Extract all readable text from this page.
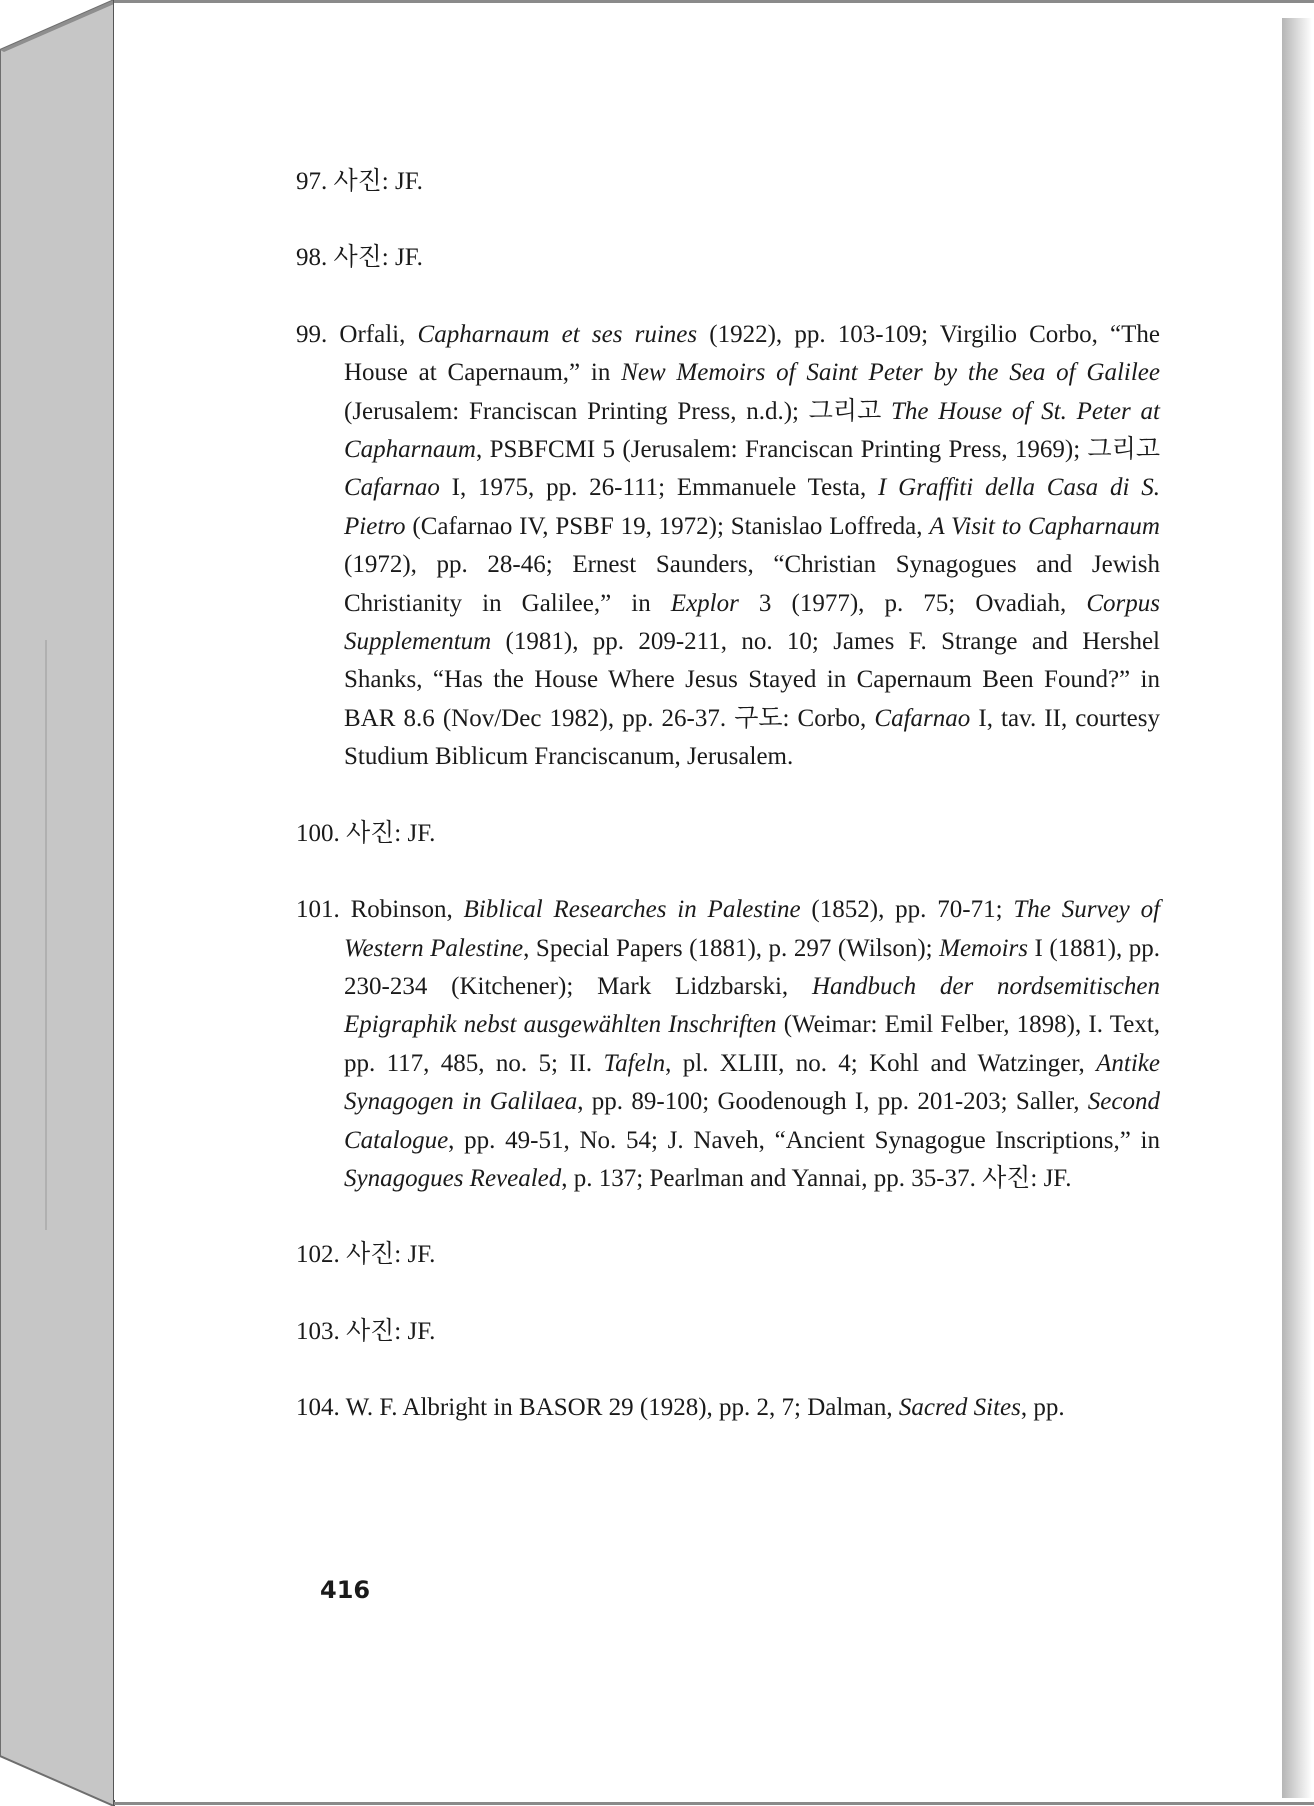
97. 사진: JF.

98. 사진: JF.

99. Orfali, Capharnaum et ses ruines (1922), pp. 103-109; Virgilio Corbo, “The House at Capernaum,” in New Memoirs of Saint Peter by the Sea of Galilee (Jerusalem: Franciscan Printing Press, n.d.); 그리고 The House of St. Peter at Capharnaum, PSBFCMI 5 (Jerusalem: Franciscan Printing Press, 1969); 그리고 Cafarnao I, 1975, pp. 26-111; Emmanuele Testa, I Graffiti della Casa di S. Pietro (Cafarnao IV, PSBF 19, 1972); Stanislao Loffreda, A Visit to Capharnaum (1972), pp. 28-46; Ernest Saunders, “Christian Synagogues and Jewish Christianity in Galilee,” in Explor 3 (1977), p. 75; Ovadiah, Corpus Supplementum (1981), pp. 209-211, no. 10; James F. Strange and Hershel Shanks, “Has the House Where Jesus Stayed in Capernaum Been Found?” in BAR 8.6 (Nov/Dec 1982), pp. 26-37. 구도: Corbo, Cafarnao I, tav. II, courtesy Studium Biblicum Franciscanum, Jerusalem.

100. 사진: JF.

101. Robinson, Biblical Researches in Palestine (1852), pp. 70-71; The Survey of Western Palestine, Special Papers (1881), p. 297 (Wilson); Memoirs I (1881), pp. 230-234 (Kitchener); Mark Lidzbarski, Handbuch der nordsemitischen Epigraphik nebst ausgewählten Inschriften (Weimar: Emil Felber, 1898), I. Text, pp. 117, 485, no. 5; II. Tafeln, pl. XLIII, no. 4; Kohl and Watzinger, Antike Synagogen in Galilaea, pp. 89-100; Goodenough I, pp. 201-203; Saller, Second Catalogue, pp. 49-51, No. 54; J. Naveh, “Ancient Synagogue Inscriptions,” in Synagogues Revealed, p. 137; Pearlman and Yannai, pp. 35-37. 사진: JF.

102. 사진: JF.

103. 사진: JF.

104. W. F. Albright in BASOR 29 (1928), pp. 2, 7; Dalman, Sacred Sites, pp.

416
